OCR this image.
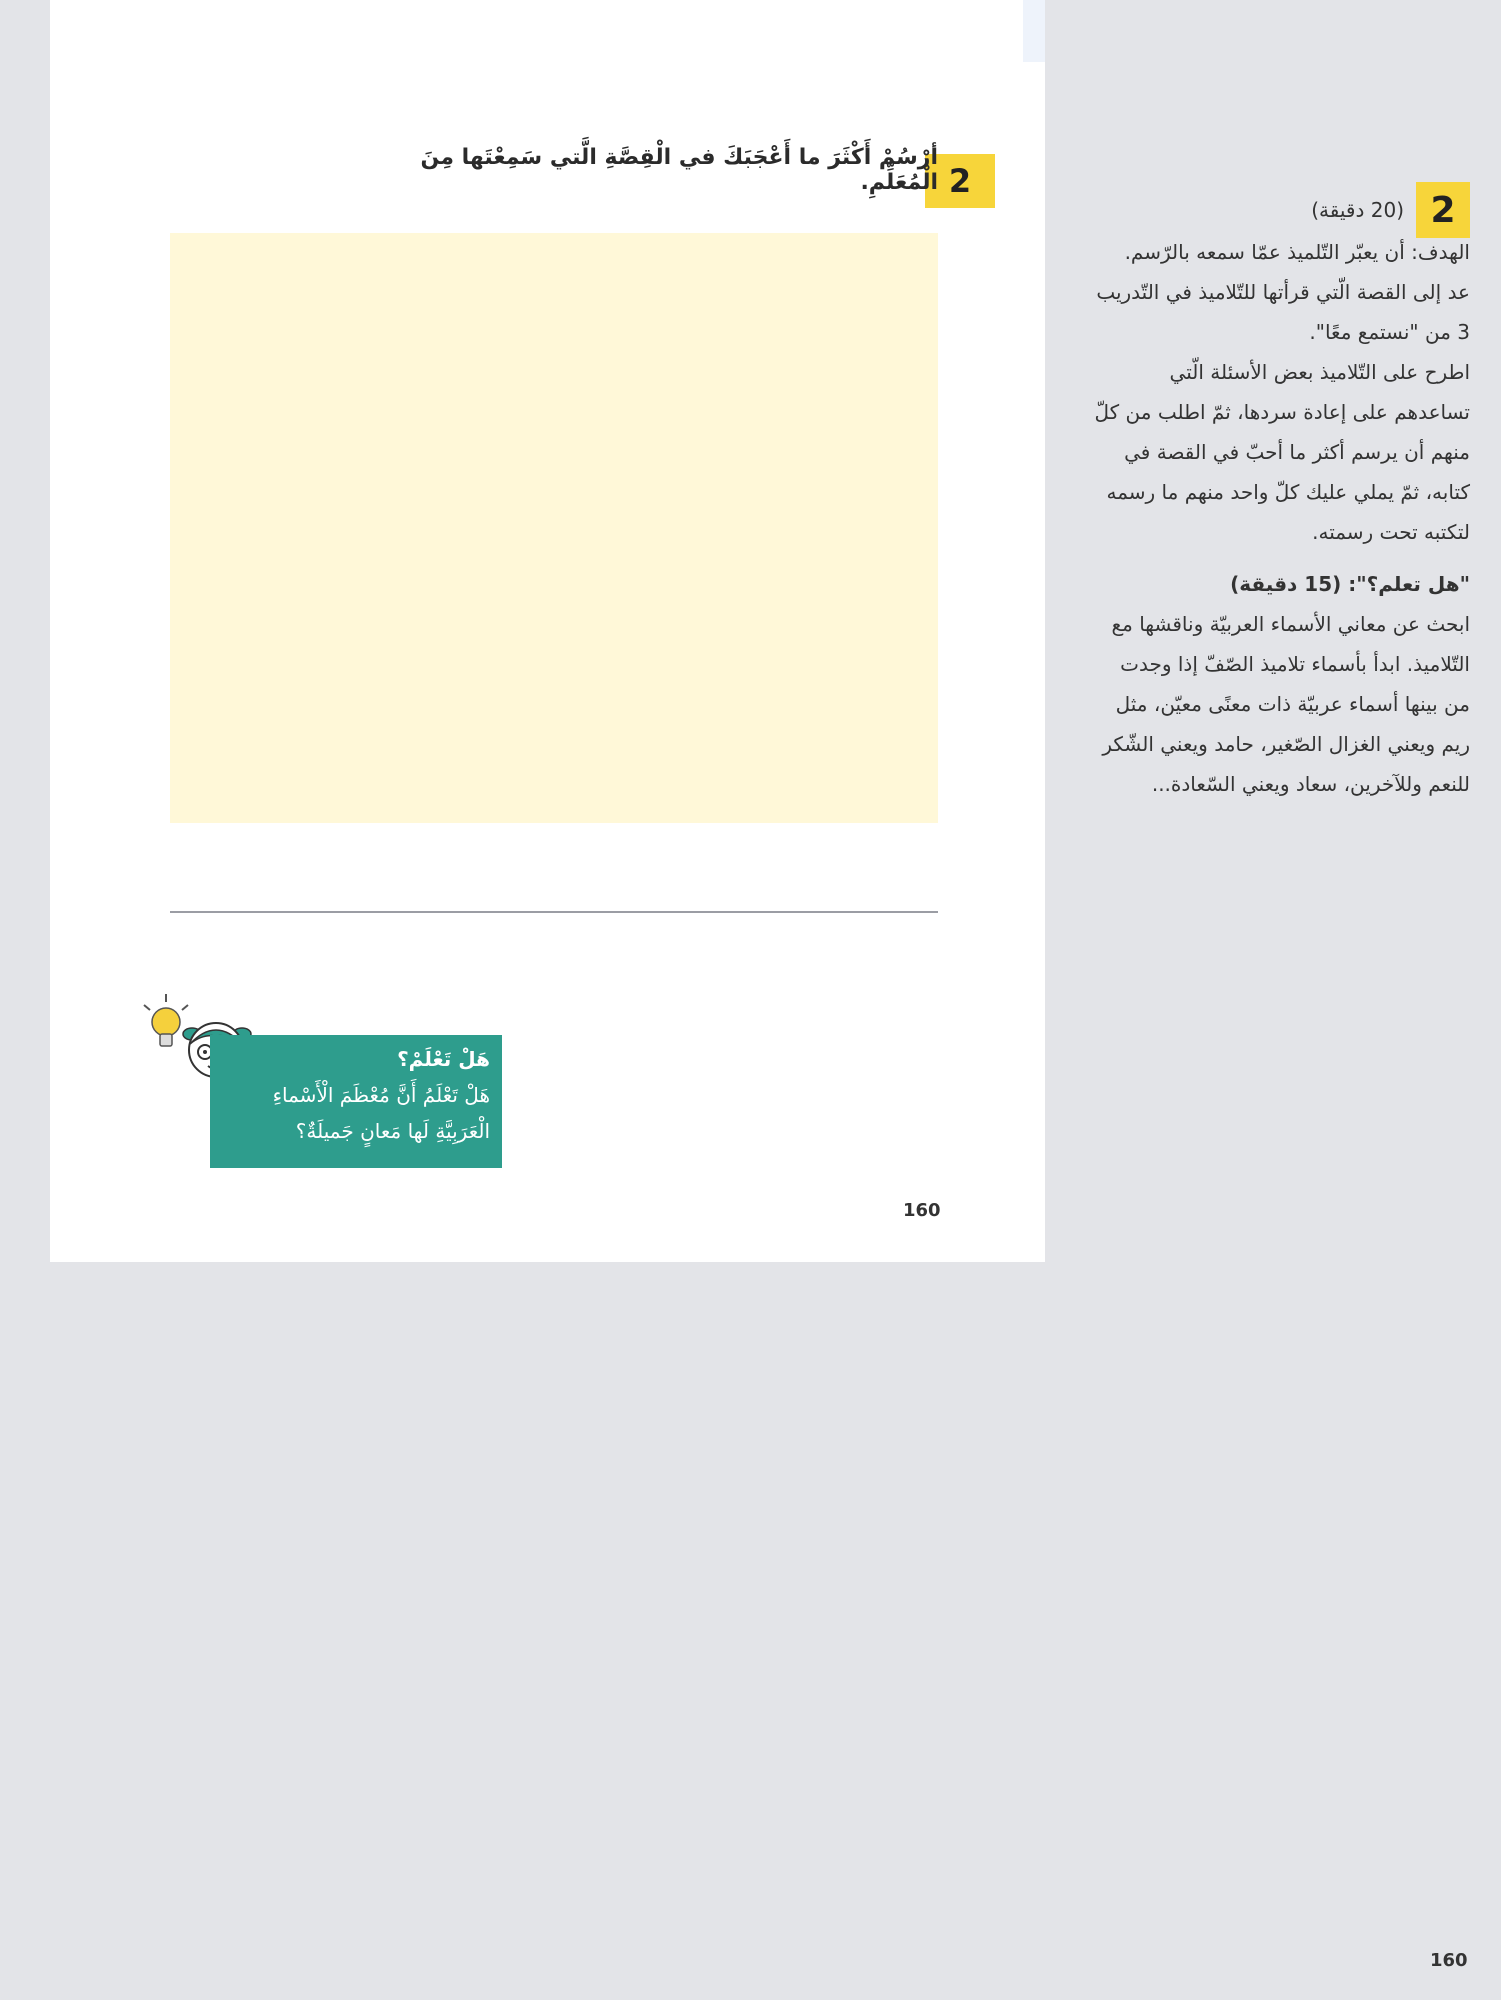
2
أرْسُمْ أَكْثَرَ ما أَعْجَبَكَ في الْقِصَّةِ الَّتي سَمِعْتَها مِنَ الْمُعَلِّمِ.
هَلْ تَعْلَمْ؟
هَلْ تَعْلَمُ أَنَّ مُعْظَمَ الْأَسْماءِ الْعَرَبِيَّةِ لَها مَعانٍ جَميلَةٌ؟
160
2
(20 دقيقة)

الهدف: أن يعبّر التّلميذ عمّا سمعه بالرّسم.

عد إلى القصة الّتي قرأتها للتّلاميذ في التّدريب 3 من "نستمع معًا".

اطرح على التّلاميذ بعض الأسئلة الّتي تساعدهم على إعادة سردها، ثمّ اطلب من كلّ منهم أن يرسم أكثر ما أحبّ في القصة في كتابه، ثمّ يملي عليك كلّ واحد منهم ما رسمه لتكتبه تحت رسمته.

"هل تعلم؟": (15 دقيقة)

ابحث عن معاني الأسماء العربيّة وناقشها مع التّلاميذ. ابدأ بأسماء تلاميذ الصّفّ إذا وجدت من بينها أسماء عربيّة ذات معنًى معيّن، مثل ريم ويعني الغزال الصّغير، حامد ويعني الشّكر للنعم وللآخرين، سعاد ويعني السّعادة...

160
